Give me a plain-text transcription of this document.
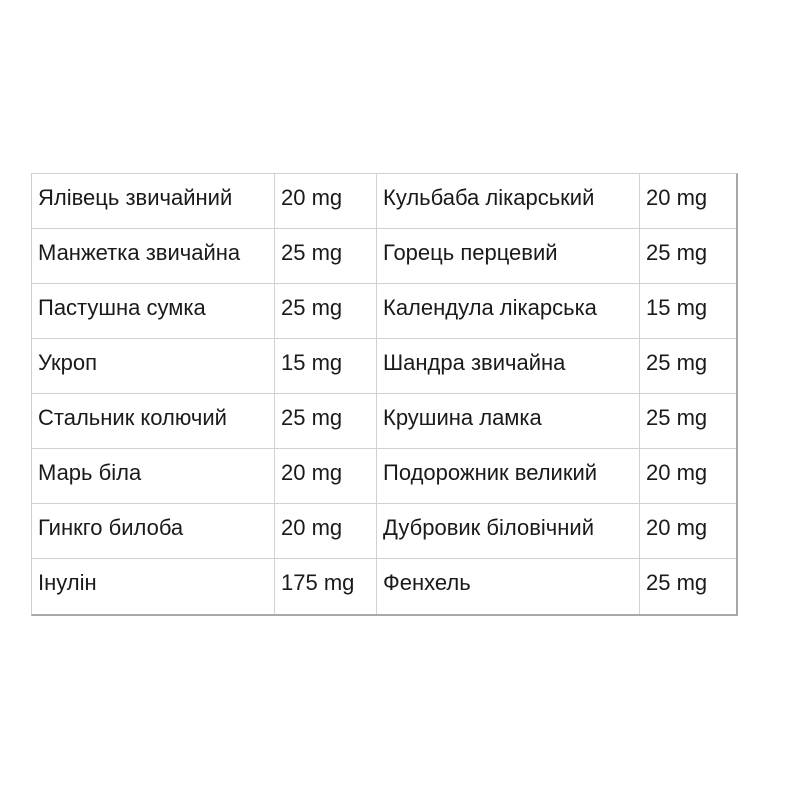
Ялівець звичайний	20 mg	Кульбаба лікарський	20 mg
Манжетка звичайна	25 mg	Горець перцевий	25 mg
Пастушна сумка	25 mg	Календула лікарська	15 mg
Укроп	15 mg	Шандра звичайна	25 mg
Стальник колючий	25 mg	Крушина ламка	25 mg
Марь біла	20 mg	Подорожник великий	20 mg
Гинкго билоба	20 mg	Дубровик біловічний	20 mg
Інулін	175 mg	Фенхель	25 mg
